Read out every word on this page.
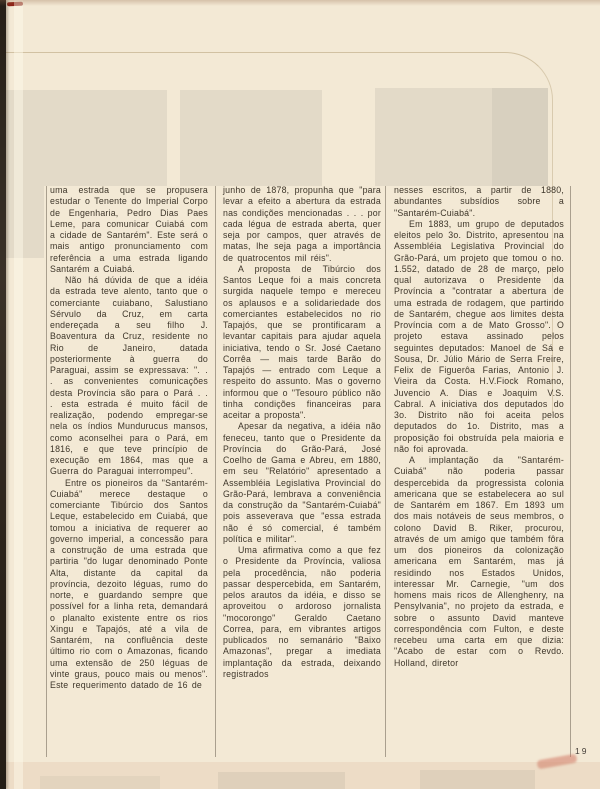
uma estrada que se propusera estudar o Tenente do Imperial Corpo de Engenharia, Pedro Dias Paes Leme, para comunicar Cuiabá com a cidade de Santarém". Este será o mais antigo pronunciamento com referência a uma estrada ligando Santarém a Cuiabá.

Não há dúvida de que a idéia da estrada teve alento, tanto que o comerciante cuiabano, Salustiano Sérvulo da Cruz, em carta endereçada a seu filho J. Boaventura da Cruz, residente no Rio de Janeiro, datada posteriormente à guerra do Paraguai, assim se expressava: ". . . as convenientes comunicações desta Província são para o Pará . . . esta estrada é muito fácil de realização, podendo empregar-se nela os índios Mundurucus mansos, como aconselhei para o Pará, em 1816, e que teve princípio de execução em 1864, mas que a Guerra do Paraguai interrompeu".

Entre os pioneiros da "Santarém-Cuiabá" merece destaque o comerciante Tibúrcio dos Santos Leque, estabelecido em Cuiabá, que tomou a iniciativa de requerer ao governo imperial, a concessão para a construção de uma estrada que partiria "do lugar denominado Ponte Alta, distante da capital da província, dezoito léguas, rumo do norte, e guardando sempre que possível for a linha reta, demandará o planalto existente entre os rios Xingu e Tapajós, até a vila de Santarém, na confluência deste último rio com o Amazonas, ficando uma extensão de 250 léguas de vinte graus, pouco mais ou menos". Este requerimento datado de 16 de

junho de 1878, propunha que "para levar a efeito a abertura da estrada nas condições mencionadas . . . por cada légua de estrada aberta, quer seja por campos, quer através de matas, lhe seja paga a importância de quatrocentos mil réis".

A proposta de Tibúrcio dos Santos Leque foi a mais concreta surgida naquele tempo e mereceu os aplausos e a solidariedade dos comerciantes estabelecidos no rio Tapajós, que se prontificaram a levantar capitais para ajudar aquela iniciativa, tendo o Sr. José Caetano Corrêa — mais tarde Barão do Tapajós — entrado com Leque a respeito do assunto. Mas o governo informou que o "Tesouro público não tinha condições financeiras para aceitar a proposta".

Apesar da negativa, a idéia não feneceu, tanto que o Presidente da Província do Grão-Pará, José Coelho de Gama e Abreu, em 1880, em seu "Relatório" apresentado a Assembléia Legislativa Provincial do Grão-Pará, lembrava a conveniência da construção da "Santarém-Cuiabá" pois asseverava que "essa estrada não é só comercial, é também política e militar".

Uma afirmativa como a que fez o Presidente da Província, valiosa pela procedência, não poderia passar despercebida, em Santarém, pelos arautos da idéia, e disso se aproveitou o ardoroso jornalista "mocorongo" Geraldo Caetano Correa, para, em vibrantes artigos publicados no semanário "Baixo Amazonas", pregar a imediata implantação da estrada, deixando registrados

nesses escritos, a partir de 1880, abundantes subsídios sobre a "Santarém-Cuiabá".

Em 1883, um grupo de deputados eleitos pelo 3o. Distrito, apresentou na Assembléia Legislativa Provincial do Grão-Pará, um projeto que tomou o no. 1.552, datado de 28 de março, pelo qual autorizava o Presidente da Província a "contratar a abertura de uma estrada de rodagem, que partindo de Santarém, chegue aos limites desta Província com a de Mato Grosso". O projeto estava assinado pelos seguintes deputados: Manoel de Sá e Sousa, Dr. Júlio Mário de Serra Freire, Felix de Figuerôa Farias, Antonio J. Vieira da Costa. H.V.Fiock Romano, Juvencio A. Dias e Joaquim V.S. Cabral. A iniciativa dos deputados do 3o. Distrito não foi aceita pelos deputados do 1o. Distrito, mas a proposição foi obstruída pela maioria e não foi aprovada.

A implantação da "Santarém-Cuiabá" não poderia passar despercebida da progressista colonia americana que se estabelecera ao sul de Santarém em 1867. Em 1893 um dos mais notáveis de seus membros, o colono David B. Riker, procurou, através de um amigo que também fôra um dos pioneiros da colonização americana em Santarém, mas já residindo nos Estados Unidos, interessar Mr. Carnegie, "um dos homens mais ricos de Allenghenry, na Pensylvania", no projeto da estrada, e sobre o assunto David manteve correspondência com Fulton, e deste recebeu uma carta em que dizia: "Acabo de estar com o Revdo. Holland, diretor

19
